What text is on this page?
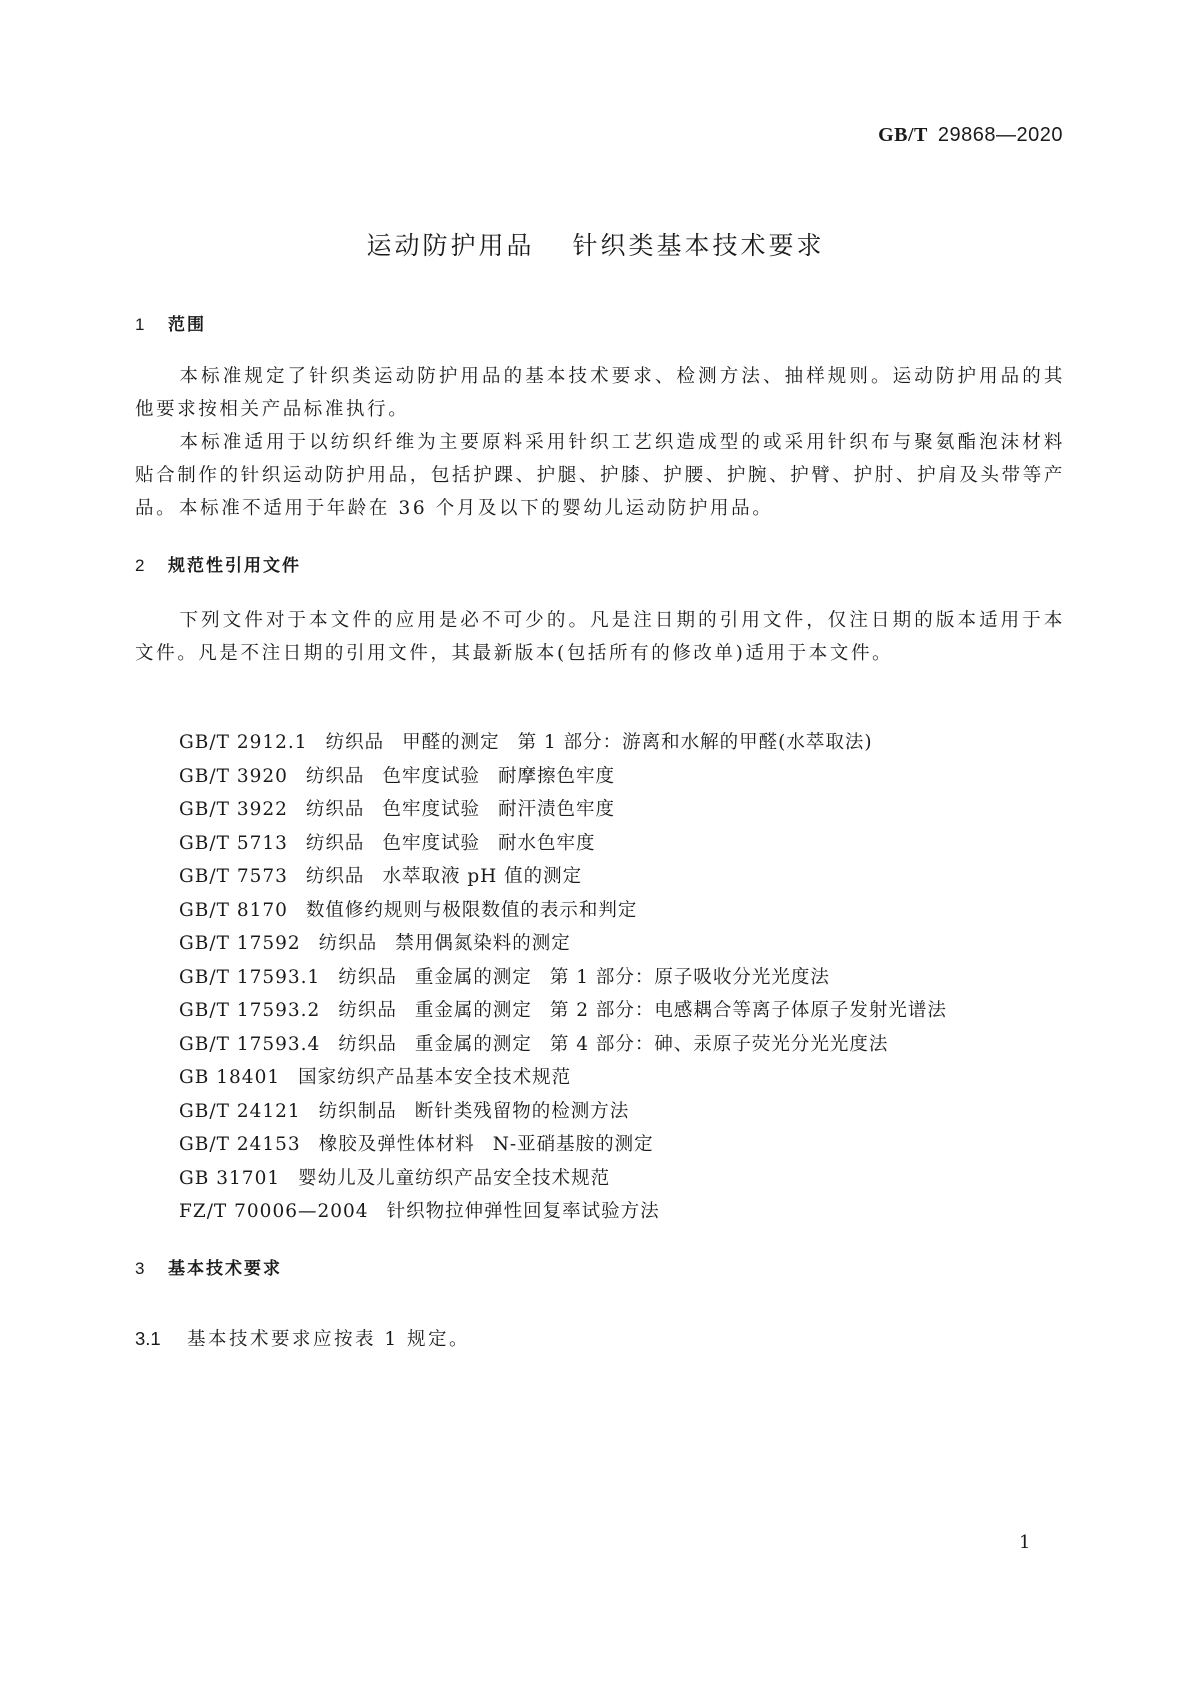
GB/T 29868—2020
运动防护用品 针织类基本技术要求
1 范围
本标准规定了针织类运动防护用品的基本技术要求、检测方法、抽样规则。运动防护用品的其他要求按相关产品标准执行。
本标准适用于以纺织纤维为主要原料采用针织工艺织造成型的或采用针织布与聚氨酯泡沫材料贴合制作的针织运动防护用品，包括护踝、护腿、护膝、护腰、护腕、护臂、护肘、护肩及头带等产品。 本标准不适用于年龄在 36 个月及以下的婴幼儿运动防护用品。
2 规范性引用文件
下列文件对于本文件的应用是必不可少的。凡是注日期的引用文件，仅注日期的版本适用于本文件。凡是不注日期的引用文件，其最新版本(包括所有的修改单)适用于本文件。
GB/T 2912.1 纺织品 甲醛的测定 第 1 部分：游离和水解的甲醛(水萃取法)
GB/T 3920 纺织品 色牢度试验 耐摩擦色牢度
GB/T 3922 纺织品 色牢度试验 耐汗渍色牢度
GB/T 5713 纺织品 色牢度试验 耐水色牢度
GB/T 7573 纺织品 水萃取液 pH 值的测定
GB/T 8170 数值修约规则与极限数值的表示和判定
GB/T 17592 纺织品 禁用偶氮染料的测定
GB/T 17593.1 纺织品 重金属的测定 第 1 部分：原子吸收分光光度法
GB/T 17593.2 纺织品 重金属的测定 第 2 部分：电感耦合等离子体原子发射光谱法
GB/T 17593.4 纺织品 重金属的测定 第 4 部分：砷、汞原子荧光分光光度法
GB 18401 国家纺织产品基本安全技术规范
GB/T 24121 纺织制品 断针类残留物的检测方法
GB/T 24153 橡胶及弹性体材料 N-亚硝基胺的测定
GB 31701 婴幼儿及儿童纺织产品安全技术规范
FZ/T 70006—2004 针织物拉伸弹性回复率试验方法
3 基本技术要求
3.1 基本技术要求应按表 1 规定。
1
